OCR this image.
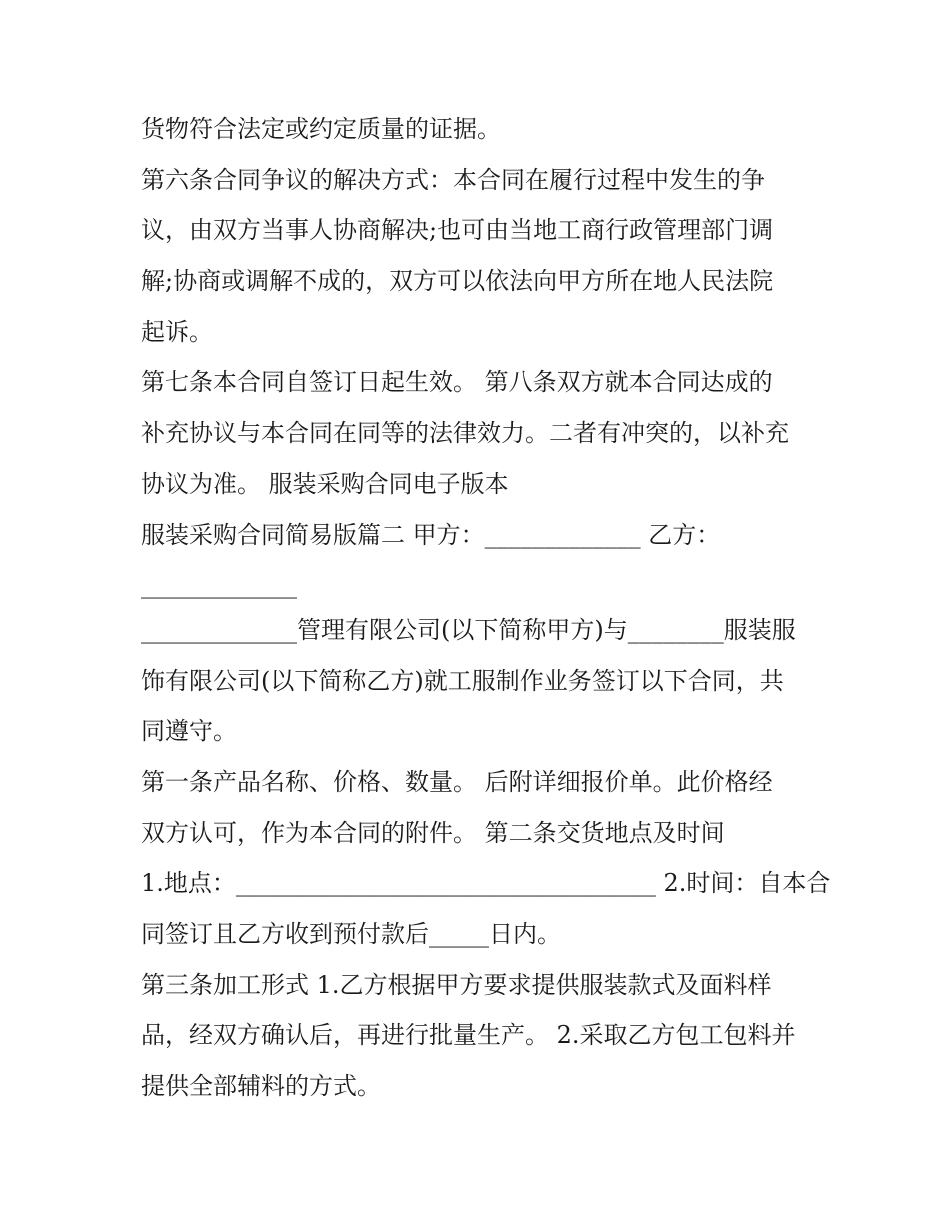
货物符合法定或约定质量的证据。
第六条合同争议的解决方式：本合同在履行过程中发生的争
议，由双方当事人协商解决;也可由当地工商行政管理部门调
解;协商或调解不成的，双方可以依法向甲方所在地人民法院
起诉。
第七条本合同自签订日起生效。 第八条双方就本合同达成的
补充协议与本合同在同等的法律效力。二者有冲突的，以补充
协议为准。 服装采购合同电子版本
服装采购合同简易版篇二 甲方：_____________ 乙方：
_____________
_____________管理有限公司(以下简称甲方)与________服装服
饰有限公司(以下简称乙方)就工服制作业务签订以下合同，共
同遵守。
第一条产品名称、价格、数量。 后附详细报价单。此价格经
双方认可，作为本合同的附件。 第二条交货地点及时间
1.地点：___________________________________ 2.时间：自本合
同签订且乙方收到预付款后_____日内。
第三条加工形式 1.乙方根据甲方要求提供服装款式及面料样
品，经双方确认后，再进行批量生产。 2.采取乙方包工包料并
提供全部辅料的方式。
